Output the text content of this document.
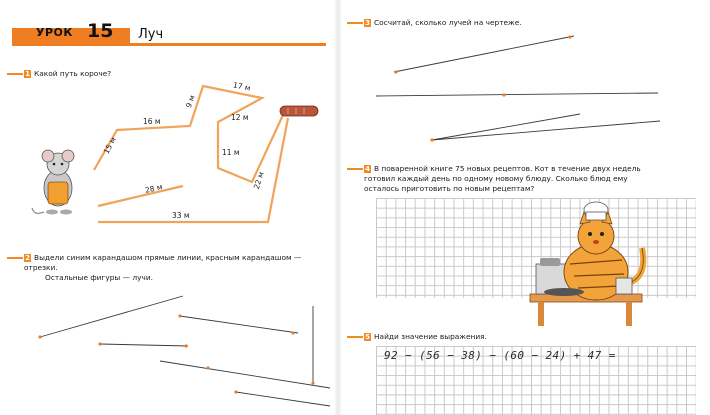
урок 15 Луч
1 Какой путь короче?
15 м
16 м
9 м
17 м
12 м
11 м
22 м
28 м
33 м
2 Выдели синим карандашом прямые линии, красным карандашом — отрезки.
Остальные фигуры — лучи.
3 Сосчитай, сколько лучей на чертеже.
4 В поваренной книге 75 новых рецептов. Кот в течение двух недель готовил каждый день по одному новому блюду. Сколько блюд ему осталось приготовить по новым рецептам?
5 Найди значение выражения.
92 − (56 − 38) − (60 − 24) + 47 =
